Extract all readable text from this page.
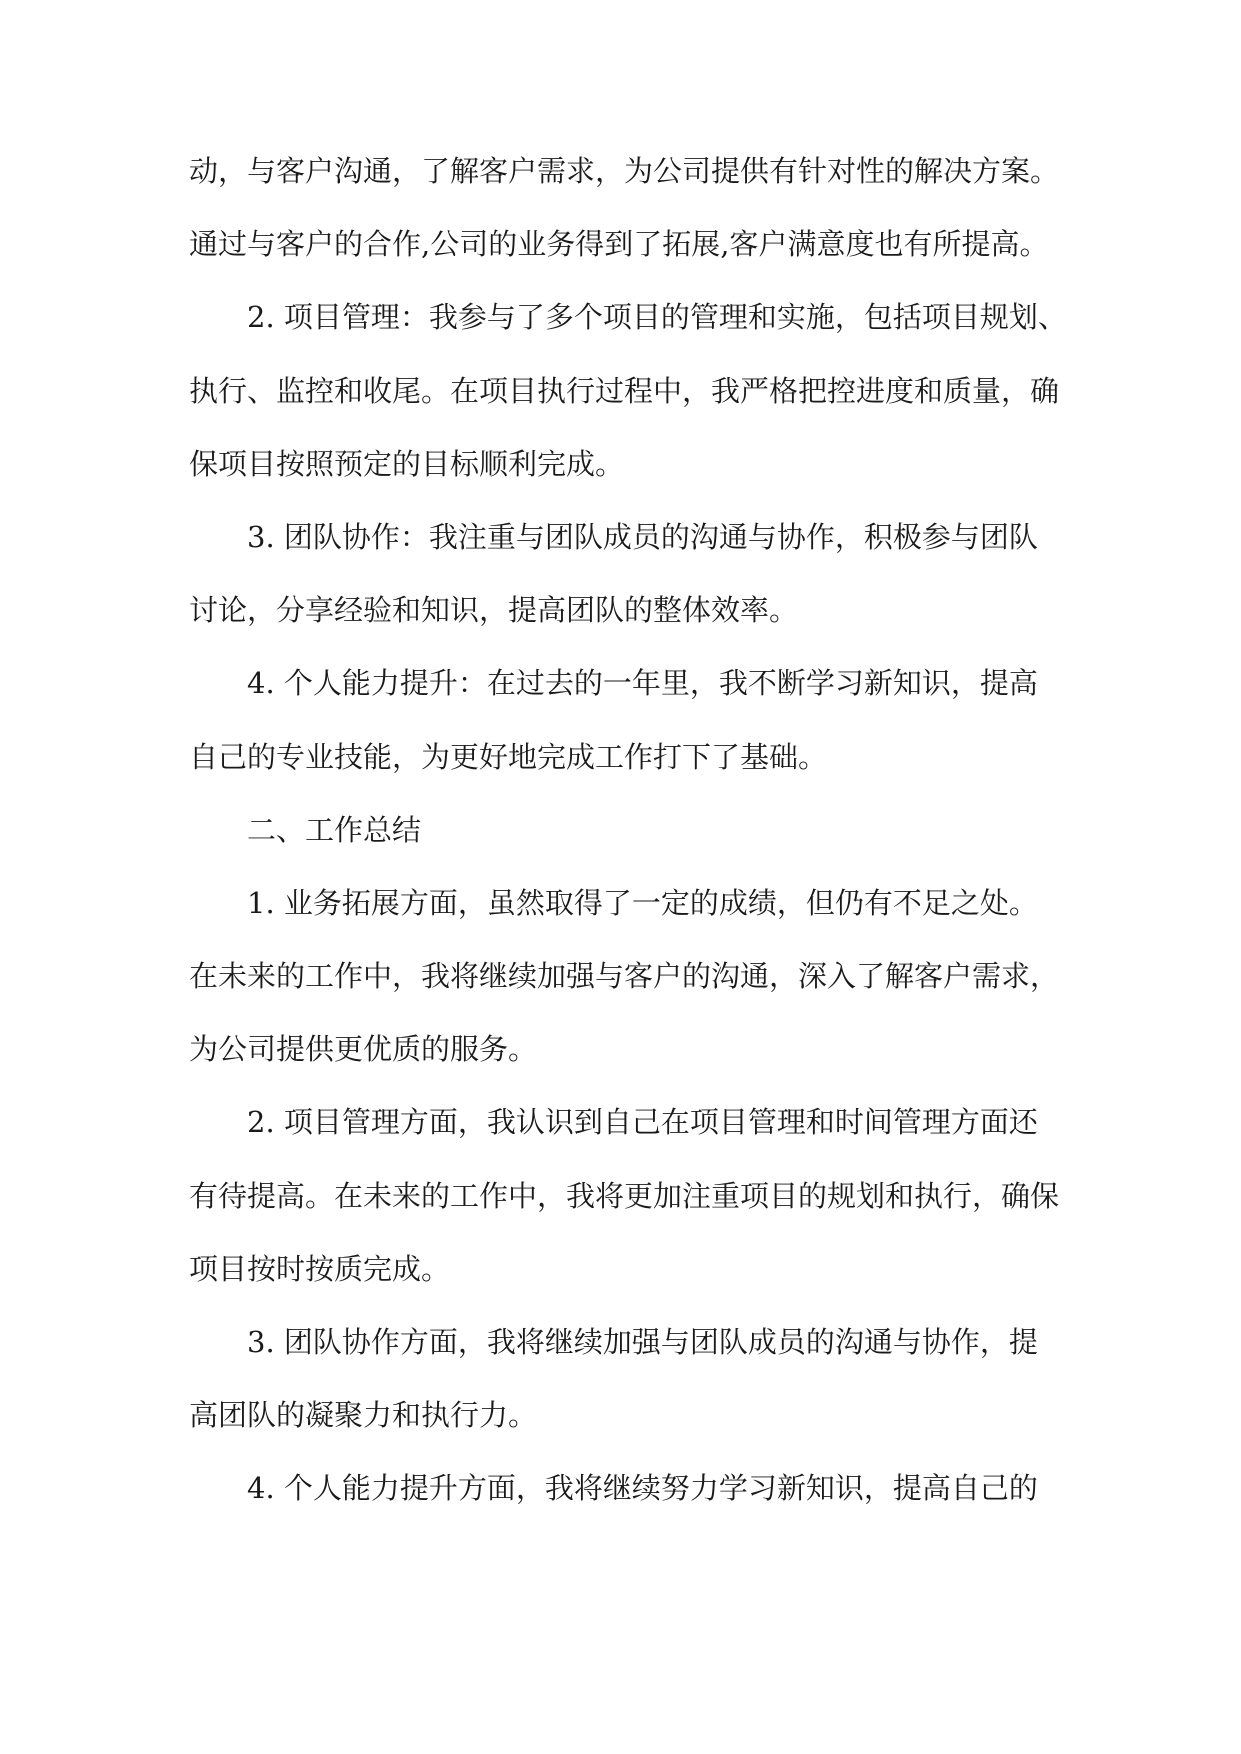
动，与客户沟通，了解客户需求，为公司提供有针对性的解决方案。
通过与客户的合作,公司的业务得到了拓展,客户满意度也有所提高。
2. 项目管理：我参与了多个项目的管理和实施，包括项目规划、
执行、监控和收尾。在项目执行过程中，我严格把控进度和质量，确
保项目按照预定的目标顺利完成。
3. 团队协作：我注重与团队成员的沟通与协作，积极参与团队
讨论，分享经验和知识，提高团队的整体效率。
4. 个人能力提升：在过去的一年里，我不断学习新知识，提高
自己的专业技能，为更好地完成工作打下了基础。
二、工作总结
1. 业务拓展方面，虽然取得了一定的成绩，但仍有不足之处。
在未来的工作中，我将继续加强与客户的沟通，深入了解客户需求，
为公司提供更优质的服务。
2. 项目管理方面，我认识到自己在项目管理和时间管理方面还
有待提高。在未来的工作中，我将更加注重项目的规划和执行，确保
项目按时按质完成。
3. 团队协作方面，我将继续加强与团队成员的沟通与协作，提
高团队的凝聚力和执行力。
4. 个人能力提升方面，我将继续努力学习新知识，提高自己的
